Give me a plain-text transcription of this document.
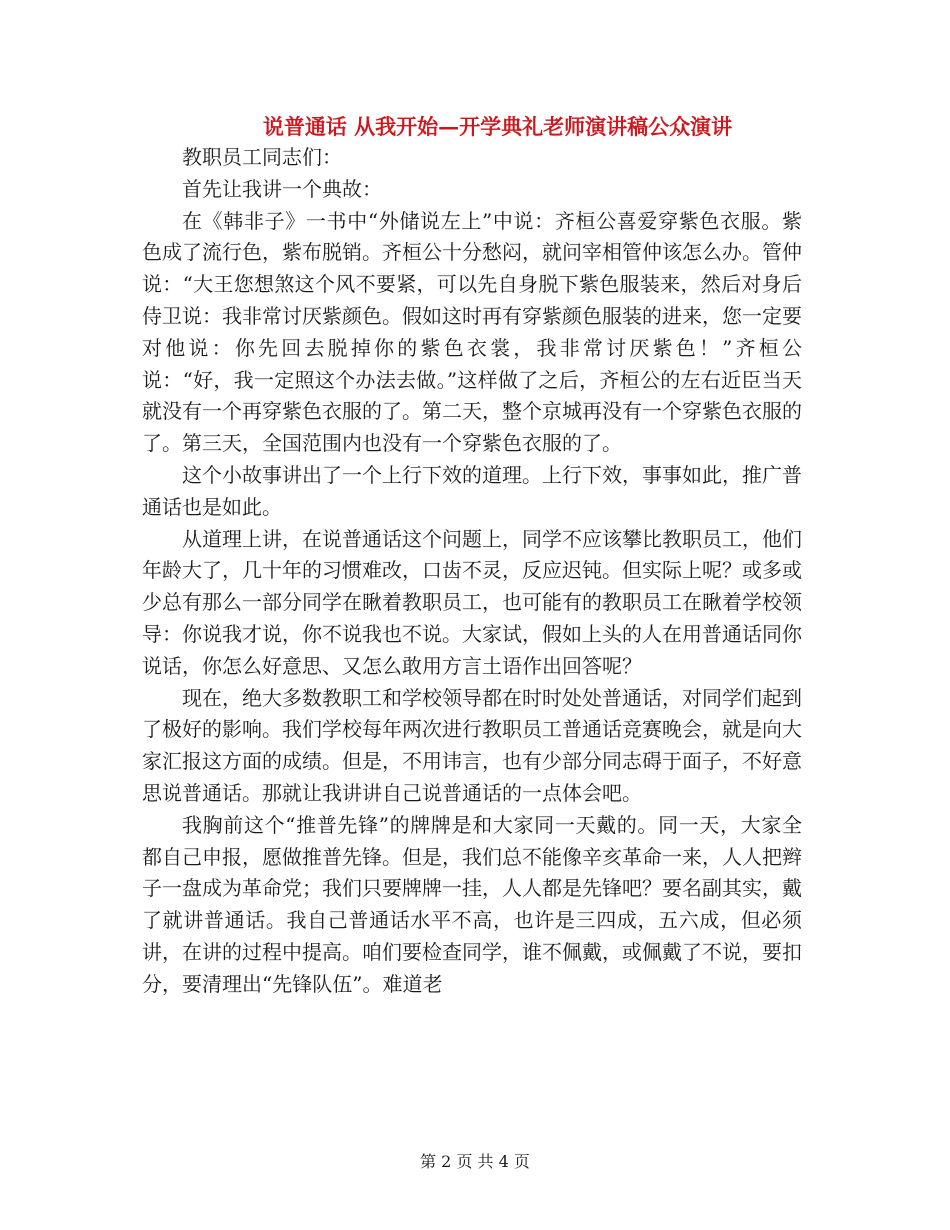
说普通话 从我开始—开学典礼老师演讲稿公众演讲

教职员工同志们：

首先让我讲一个典故：

在《韩非子》一书中“外储说左上”中说：齐桓公喜爱穿紫色衣服。紫色成了流行色，紫布脱销。齐桓公十分愁闷，就问宰相管仲该怎么办。管仲说：“大王您想煞这个风不要紧，可以先自身脱下紫色服装来，然后对身后侍卫说：我非常讨厌紫颜色。假如这时再有穿紫颜色服装的进来，您一定要对他说：你先回去脱掉你的紫色衣裳，我非常讨厌紫色！”齐桓公说：“好，我一定照这个办法去做。”这样做了之后，齐桓公的左右近臣当天就没有一个再穿紫色衣服的了。第二天，整个京城再没有一个穿紫色衣服的了。第三天，全国范围内也没有一个穿紫色衣服的了。

这个小故事讲出了一个上行下效的道理。上行下效，事事如此，推广普通话也是如此。

从道理上讲，在说普通话这个问题上，同学不应该攀比教职员工，他们年龄大了，几十年的习惯难改，口齿不灵，反应迟钝。但实际上呢？或多或少总有那么一部分同学在瞅着教职员工，也可能有的教职员工在瞅着学校领导：你说我才说，你不说我也不说。大家试，假如上头的人在用普通话同你说话，你怎么好意思、又怎么敢用方言土语作出回答呢？

现在，绝大多数教职工和学校领导都在时时处处普通话，对同学们起到了极好的影响。我们学校每年两次进行教职员工普通话竞赛晚会，就是向大家汇报这方面的成绩。但是，不用讳言，也有少部分同志碍于面子，不好意思说普通话。那就让我讲讲自己说普通话的一点体会吧。

我胸前这个“推普先锋”的牌牌是和大家同一天戴的。同一天，大家全都自己申报，愿做推普先锋。但是，我们总不能像辛亥革命一来，人人把辫子一盘成为革命党；我们只要牌牌一挂，人人都是先锋吧？要名副其实，戴了就讲普通话。我自己普通话水平不高，也许是三四成，五六成，但必须讲，在讲的过程中提高。咱们要检查同学，谁不佩戴，或佩戴了不说，要扣分，要清理出“先锋队伍”。难道老

第 2 页 共 4 页
